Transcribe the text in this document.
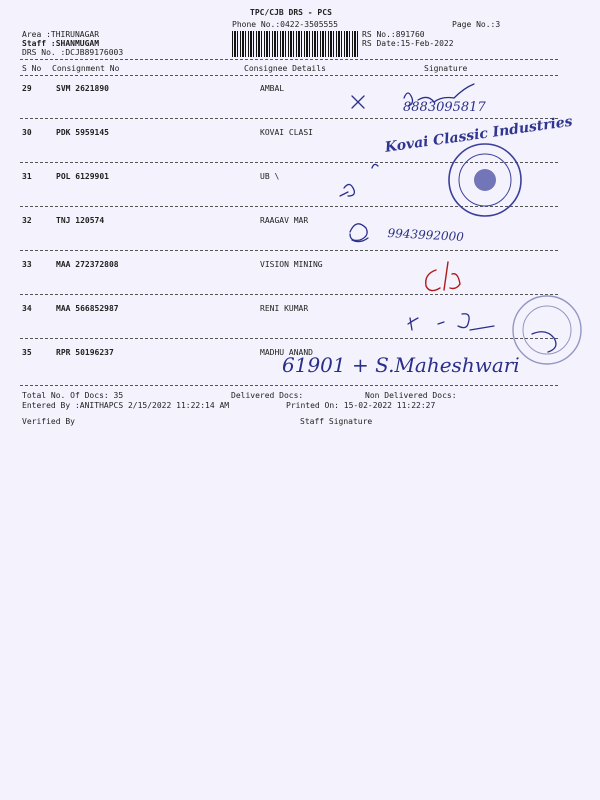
TPC/CJB DRS - PCS
Phone No.:0422-3505555	Page No.:3
Area :THIRUNAGAR
Staff :SHANMUGAM
DRS No. :DCJB89176003
RS No.:891760
RS Date:15-Feb-2022
S No Consignment No	Consignee Details	Signature
29	SVM 2621890	AMBAL
30	PDK 5959145	KOVAI CLASI
31	POL 6129901	UB \
32	TNJ 120574	RAAGAV MAR
33	MAA 272372808	VISION MINING
34	MAA 566852987	RENI KUMAR
35	RPR 50196237	MADHU ANAND
8883095817
Kovai Classic Industries
9943992000
61901 + S.Maheshwari
Total No. Of Docs: 35	Delivered Docs:	Non Delivered Docs:
Entered By :ANITHAPCS 2/15/2022 11:22:14 AM	Printed On: 15-02-2022 11:22:27
Verified By	Staff Signature
